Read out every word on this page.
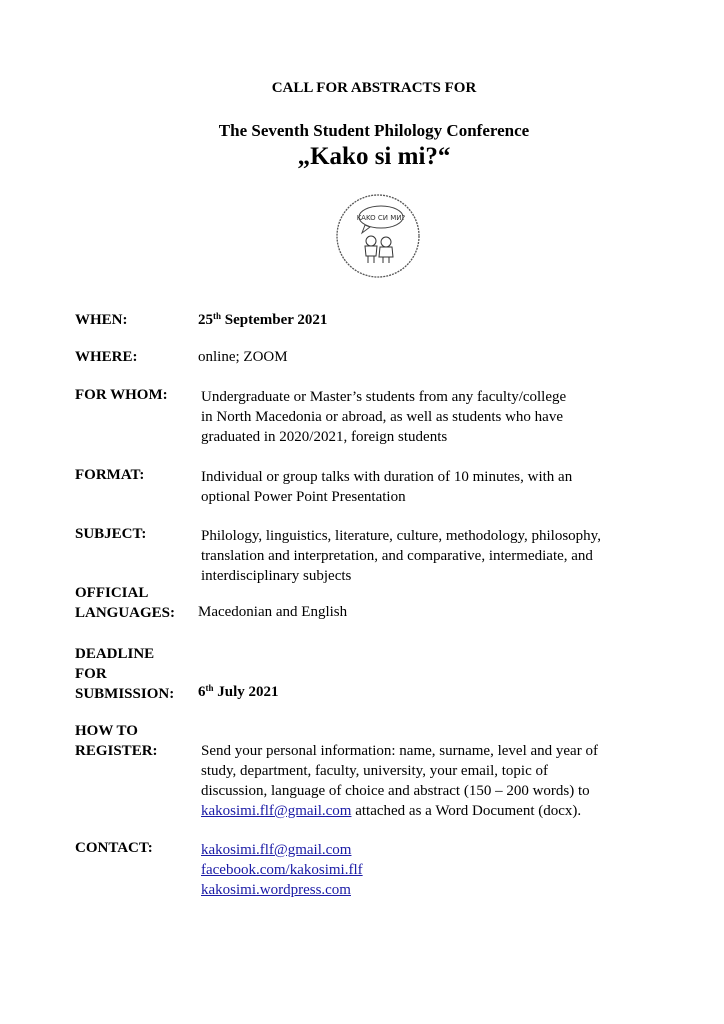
CALL FOR ABSTRACTS FOR
The Seventh Student Philology Conference
„Kako si mi?“
KAKO CИ MИ?
WHEN:	25th September 2021
WHERE:	online; ZOOM
FOR WHOM: Undergraduate or Master’s students from any faculty/college
in North Macedonia or abroad, as well as students who have
graduated in 2020/2021, foreign students
FORMAT:	Individual or group talks with duration of 10 minutes, with an
optional Power Point Presentation
SUBJECT:	Philology, linguistics, literature, culture, methodology, philosophy,
translation and interpretation, and comparative, intermediate, and
interdisciplinary subjects
OFFICIAL
LANGUAGES: Macedonian and English
DEADLINE
FOR
SUBMISSION: 6th July 2021
HOW TO
REGISTER:	Send your personal information: name, surname, level and year of
study, department, faculty, university, your email, topic of
discussion, language of choice and abstract (150 – 200 words) to
kakosimi.flf@gmail.com attached as a Word Document (docx).
CONTACT:	kakosimi.flf@gmail.com
facebook.com/kakosimi.flf
kakosimi.wordpress.com
